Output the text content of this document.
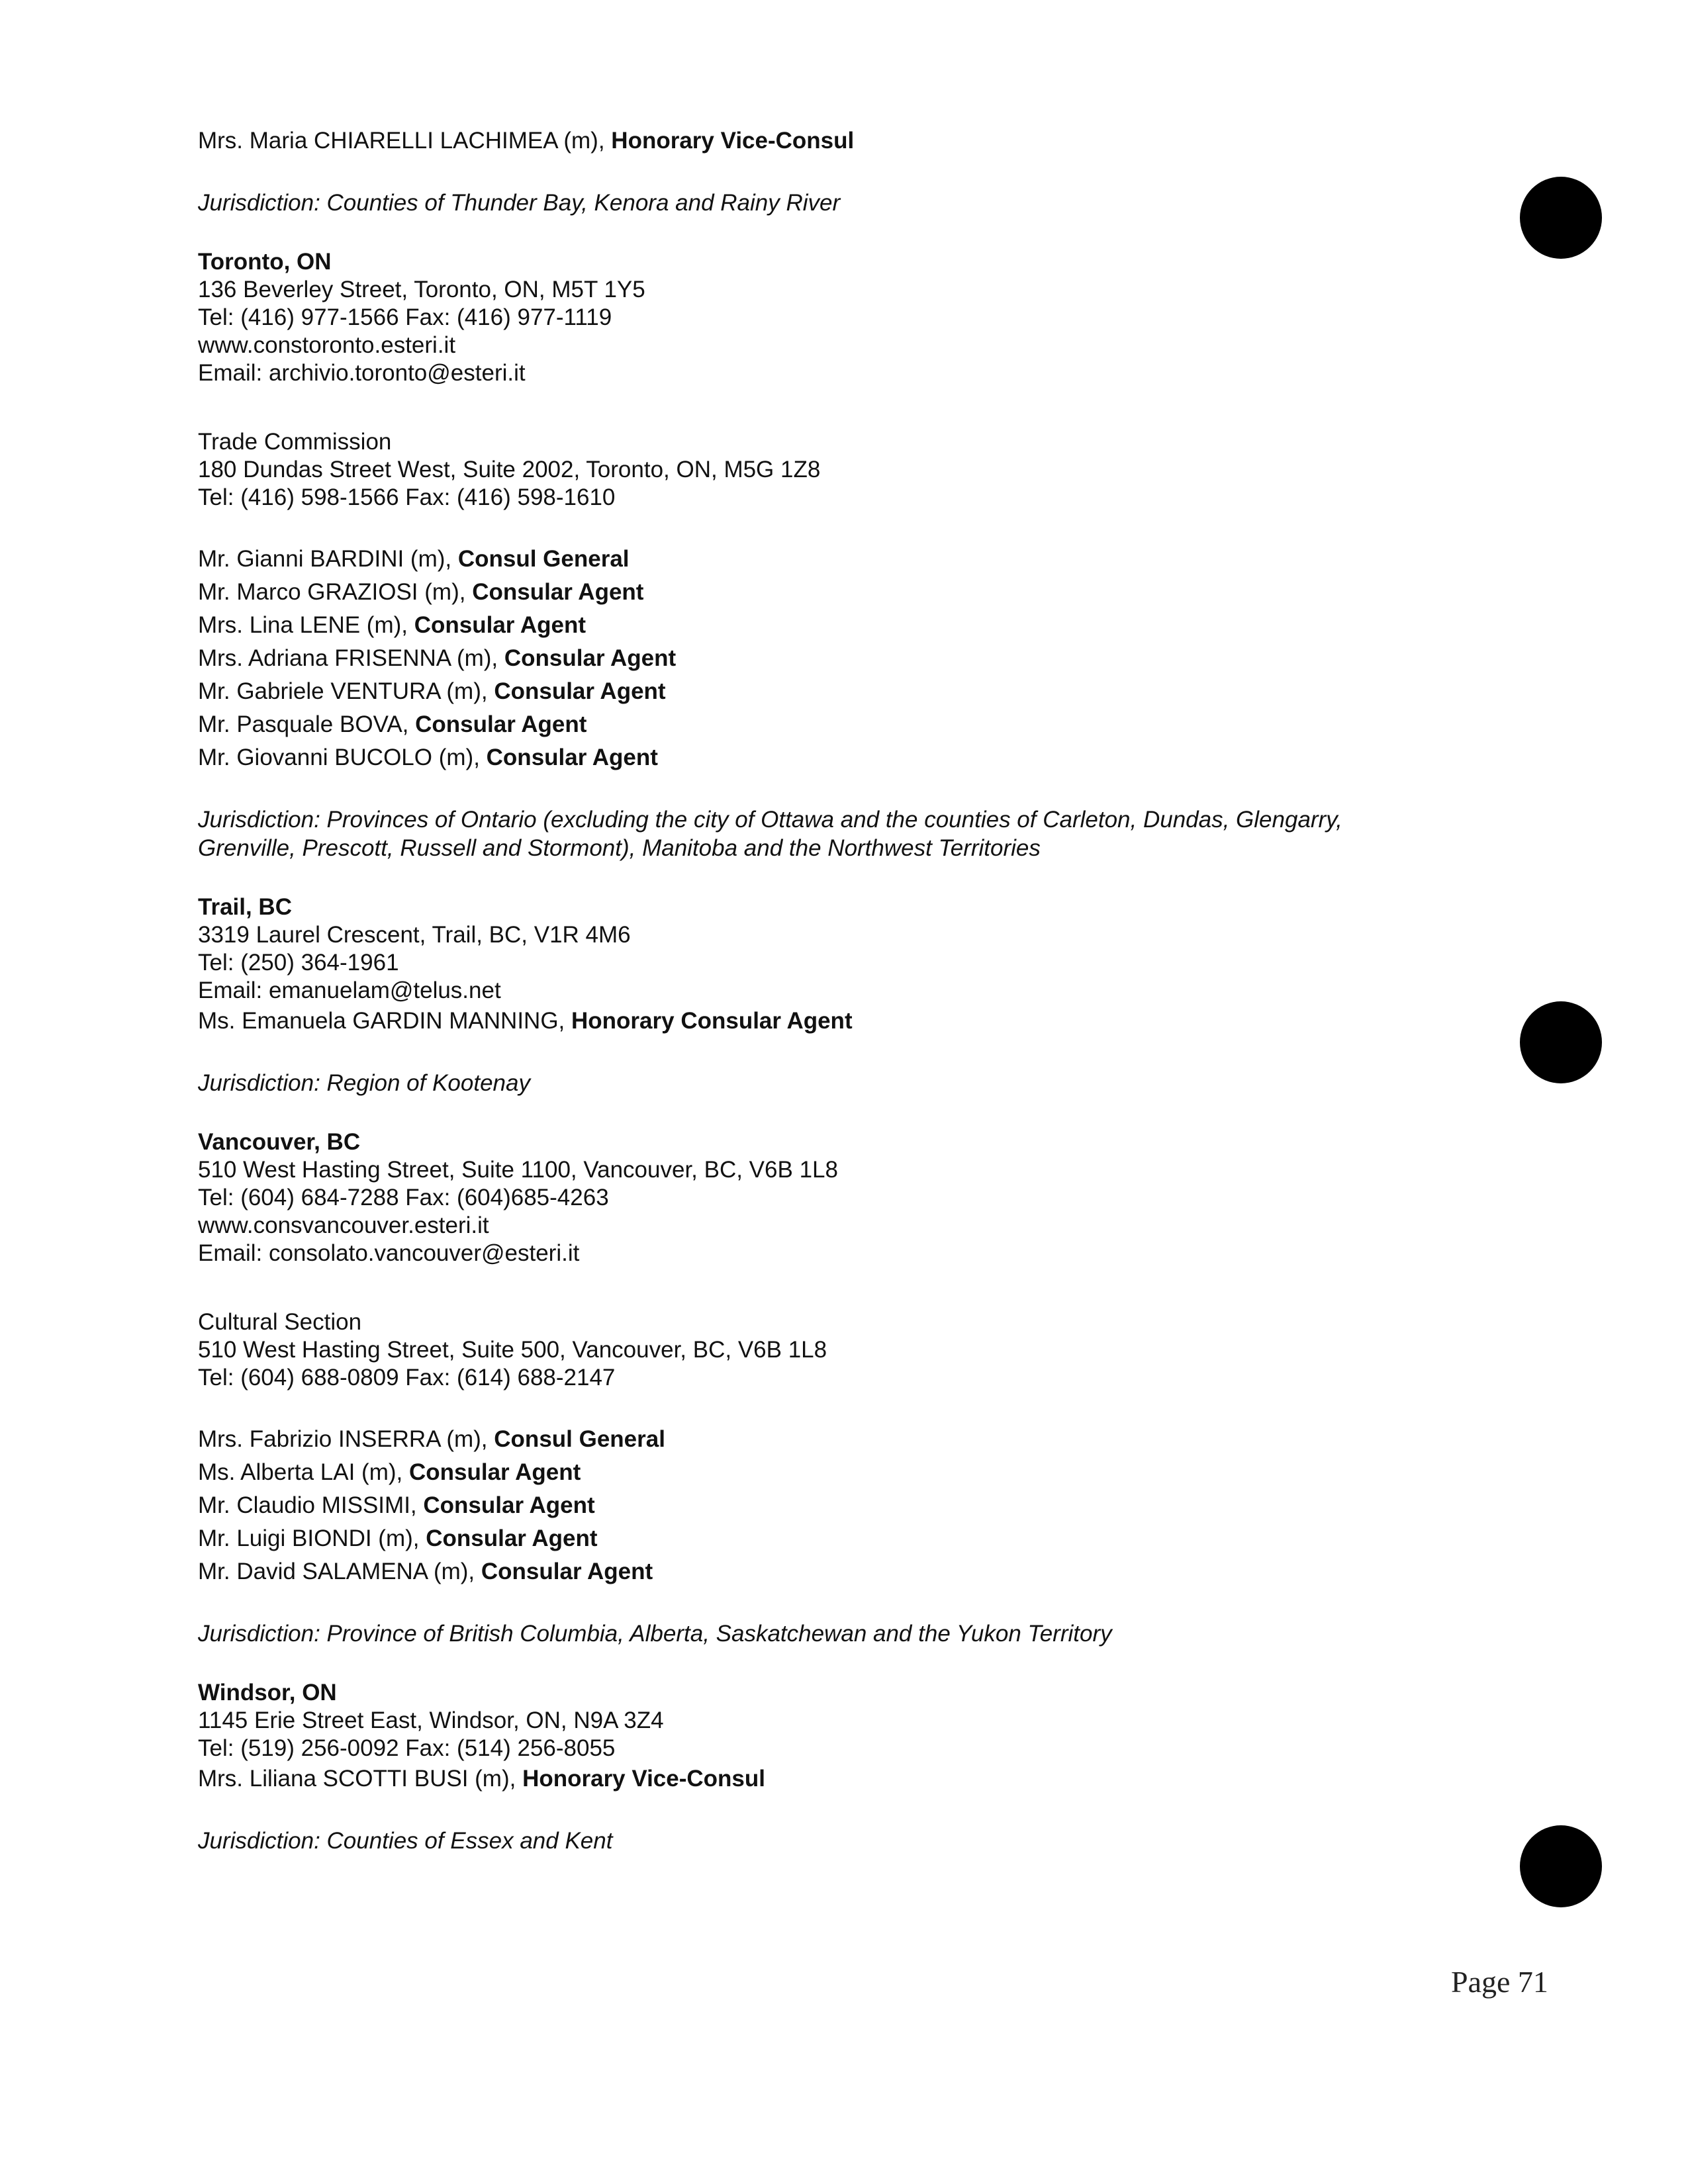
Mrs. Maria CHIARELLI LACHIMEA (m), Honorary Vice-Consul

Jurisdiction: Counties of Thunder Bay, Kenora and Rainy River

Toronto, ON

136 Beverley Street, Toronto, ON, M5T 1Y5

Tel: (416) 977-1566 Fax: (416) 977-1119

www.constoronto.esteri.it

Email: archivio.toronto@esteri.it

Trade Commission

180 Dundas Street West, Suite 2002, Toronto, ON, M5G 1Z8

Tel: (416) 598-1566 Fax: (416) 598-1610

Mr. Gianni BARDINI (m), Consul General

Mr. Marco GRAZIOSI (m), Consular Agent

Mrs. Lina LENE (m), Consular Agent

Mrs. Adriana FRISENNA (m), Consular Agent

Mr. Gabriele VENTURA (m), Consular Agent

Mr. Pasquale BOVA, Consular Agent

Mr. Giovanni BUCOLO (m), Consular Agent

Jurisdiction: Provinces of Ontario (excluding the city of Ottawa and the counties of Carleton, Dundas, Glengarry, Grenville, Prescott, Russell and Stormont), Manitoba and the Northwest Territories

Trail, BC

3319 Laurel Crescent, Trail, BC, V1R 4M6

Tel: (250) 364-1961

Email: emanuelam@telus.net

Ms. Emanuela GARDIN MANNING, Honorary Consular Agent

Jurisdiction: Region of Kootenay

Vancouver, BC

510 West Hasting Street, Suite 1100, Vancouver, BC, V6B 1L8

Tel: (604) 684-7288 Fax: (604)685-4263

www.consvancouver.esteri.it

Email: consolato.vancouver@esteri.it

Cultural Section

510 West Hasting Street, Suite 500, Vancouver, BC, V6B 1L8

Tel: (604) 688-0809 Fax: (614) 688-2147

Mrs. Fabrizio INSERRA (m), Consul General

Ms. Alberta LAI (m), Consular Agent

Mr. Claudio MISSIMI, Consular Agent

Mr. Luigi BIONDI (m), Consular Agent

Mr. David SALAMENA (m), Consular Agent

Jurisdiction: Province of British Columbia, Alberta, Saskatchewan and the Yukon Territory

Windsor, ON

1145 Erie Street East, Windsor, ON, N9A 3Z4

Tel: (519) 256-0092 Fax: (514) 256-8055

Mrs. Liliana SCOTTI BUSI (m), Honorary Vice-Consul

Jurisdiction: Counties of Essex and Kent

Page 71
